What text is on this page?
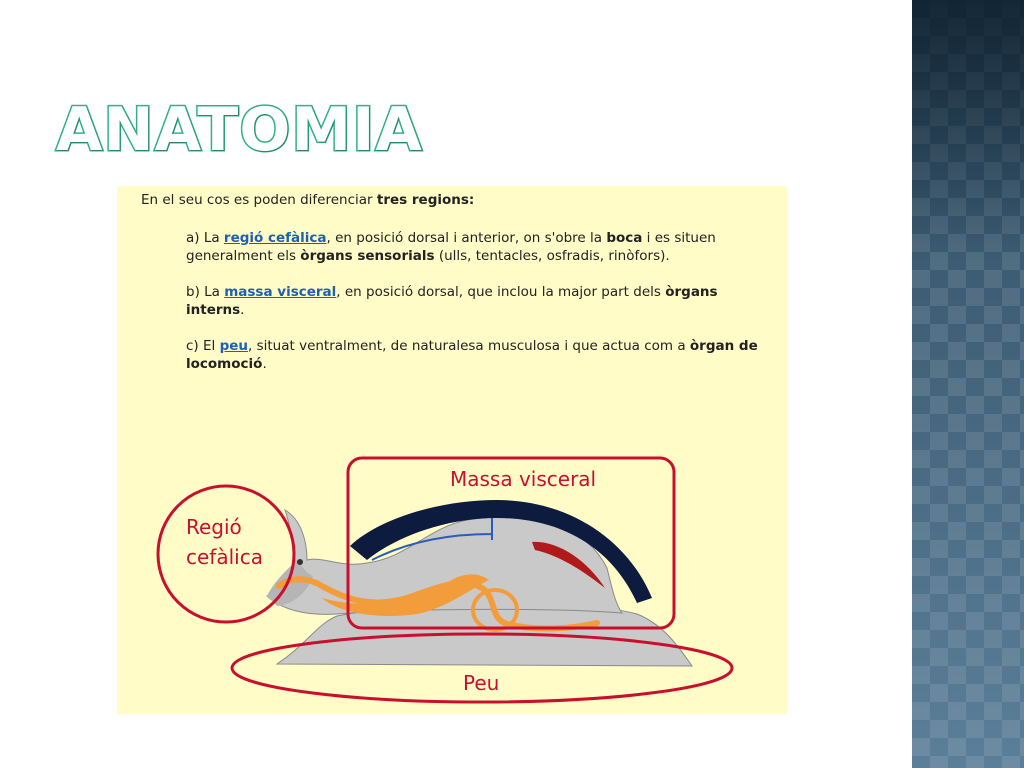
ANATOMIA

En el seu cos es poden diferenciar tres regions:

a) La regió cefàlica, en posició dorsal i anterior, on s'obre la boca i es situen generalment els òrgans sensorials (ulls, tentacles, osfradis, rinòfors).

b) La massa visceral, en posició dorsal, que inclou la major part dels òrgans interns.

c) El peu, situat ventralment, de naturalesa musculosa i que actua com a òrgan de locomoció.

Massa visceral
Regió
cefàlica
Peu
